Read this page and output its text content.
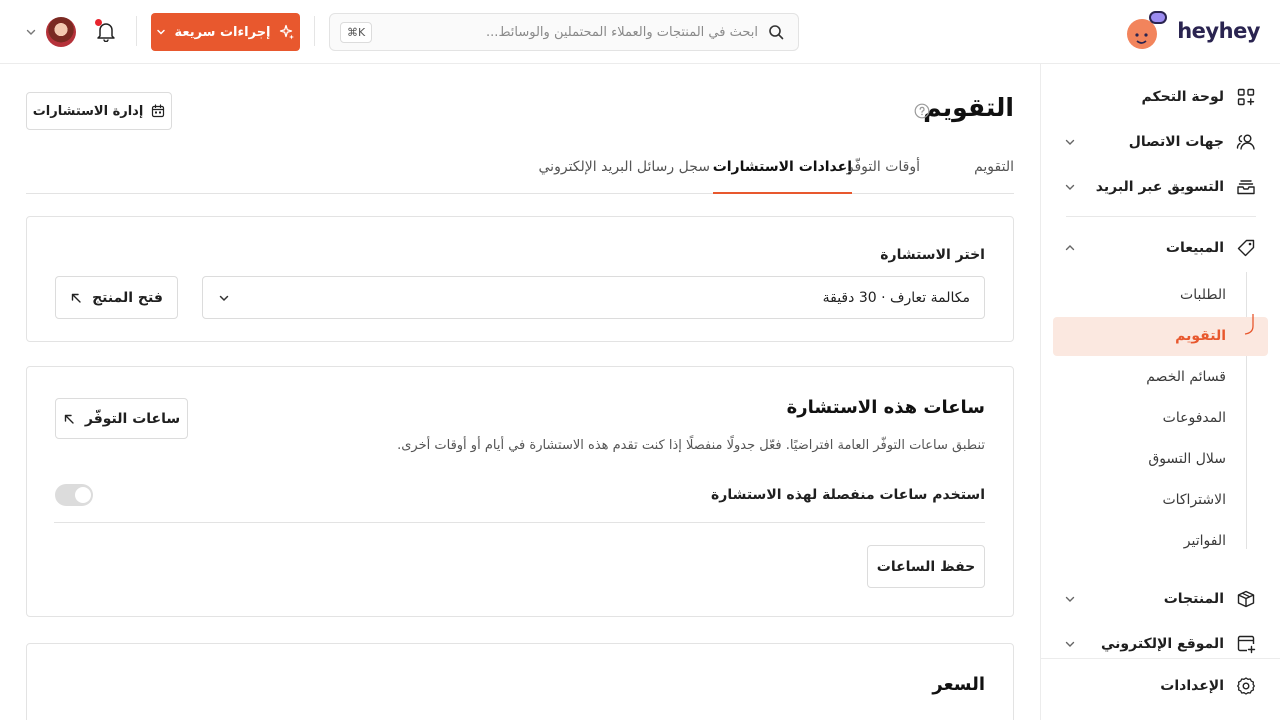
heyhey
ابحث في المنتجات والعملاء المحتملين والوسائط...
⌘K
إجراءات سريعة
لوحة التحكم
جهات الاتصال
التسويق عبر البريد
المبيعات
الطلبات
التقويم
قسائم الخصم
المدفوعات
سلال التسوق
الاشتراكات
الفواتير
المنتجات
الموقع الإلكتروني
الإعدادات
التقويم
إدارة الاستشارات
التقويم
أوقات التوفّر
إعدادات الاستشارات
سجل رسائل البريد الإلكتروني
اختر الاستشارة
مكالمة تعارف · 30 دقيقة
فتح المنتج
ساعات هذه الاستشارة
ساعات التوفّر

تنطبق ساعات التوفّر العامة افتراضيًا. فعّل جدولًا منفصلًا إذا كنت تقدم هذه الاستشارة في أيام أو أوقات أخرى.

استخدم ساعات منفصلة لهذه الاستشارة
حفظ الساعات
السعر
